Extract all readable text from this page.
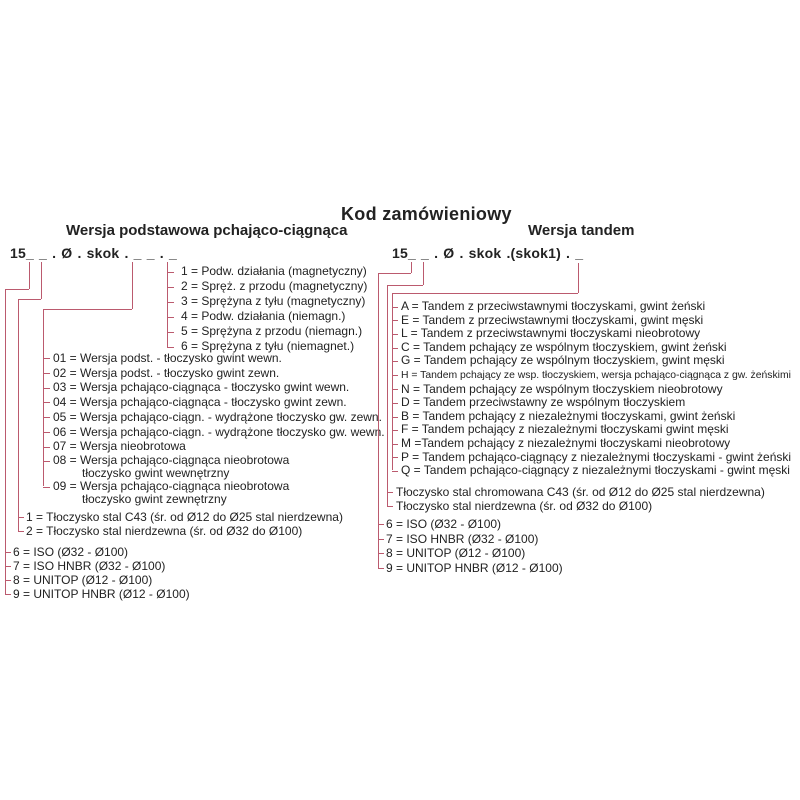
Kod zamówieniowy
Wersja podstawowa pchająco-ciągnąca
15_ _ . Ø . skok . _ _ . _
1 = Podw. działania (magnetyczny)
2 = Spręż. z przodu (magnetyczny)
3 = Sprężyna z tyłu (magnetyczny)
4 = Podw. działania (niemagn.)
5 = Sprężyna z przodu (niemagn.)
6 = Sprężyna z tyłu (niemagnet.)
01 = Wersja podst. - tłoczysko gwint wewn.
02 = Wersja podst. - tłoczysko gwint zewn.
03 = Wersja pchająco-ciągnąca - tłoczysko gwint wewn.
04 = Wersja pchająco-ciągnąca - tłoczysko gwint zewn.
05 = Wersja pchająco-ciągn. - wydrążone tłoczysko gw. zewn.
06 = Wersja pchająco-ciągn. - wydrążone tłoczysko gw. wewn.
07 = Wersja nieobrotowa
08 = Wersja pchająco-ciągnąca nieobrotowa
tłoczysko gwint wewnętrzny
09 = Wersja pchająco-ciągnąca nieobrotowa
tłoczysko gwint zewnętrzny
1 = Tłoczysko stal C43 (śr. od Ø12 do Ø25 stal nierdzewna)
2 = Tłoczysko stal nierdzewna (śr. od Ø32 do Ø100)
6 = ISO (Ø32 - Ø100)
7 = ISO HNBR (Ø32 - Ø100)
8 = UNITOP (Ø12 - Ø100)
9 = UNITOP HNBR (Ø12 - Ø100)
Wersja tandem
15_ _ . Ø . skok .(skok1) . _
A = Tandem z przeciwstawnymi tłoczyskami, gwint żeński
E = Tandem z przeciwstawnymi tłoczyskami, gwint męski
L = Tandem z przeciwstawnymi tłoczyskami nieobrotowy
C = Tandem pchający ze wspólnym tłoczyskiem, gwint żeński
G = Tandem pchający ze wspólnym tłoczyskiem, gwint męski
H = Tandem pchający ze wsp. tłoczyskiem, wersja pchająco-ciągnąca z gw. żeńskimi
N = Tandem pchający ze wspólnym tłoczyskiem nieobrotowy
D = Tandem przeciwstawny ze wspólnym tłoczyskiem
B = Tandem pchający z niezależnymi tłoczyskami, gwint żeński
F = Tandem pchający z niezależnymi tłoczyskami gwint męski
M =Tandem pchający z niezależnymi tłoczyskami nieobrotowy
P = Tandem pchająco-ciągnący z niezależnymi tłoczyskami - gwint żeński
Q = Tandem pchająco-ciągnący z niezależnymi tłoczyskami - gwint męski
Tłoczysko stal chromowana C43 (śr. od Ø12 do Ø25 stal nierdzewna)
Tłoczysko stal nierdzewna (śr. od Ø32 do Ø100)
6 = ISO (Ø32 - Ø100)
7 = ISO HNBR (Ø32 - Ø100)
8 = UNITOP (Ø12 - Ø100)
9 = UNITOP HNBR (Ø12 - Ø100)
